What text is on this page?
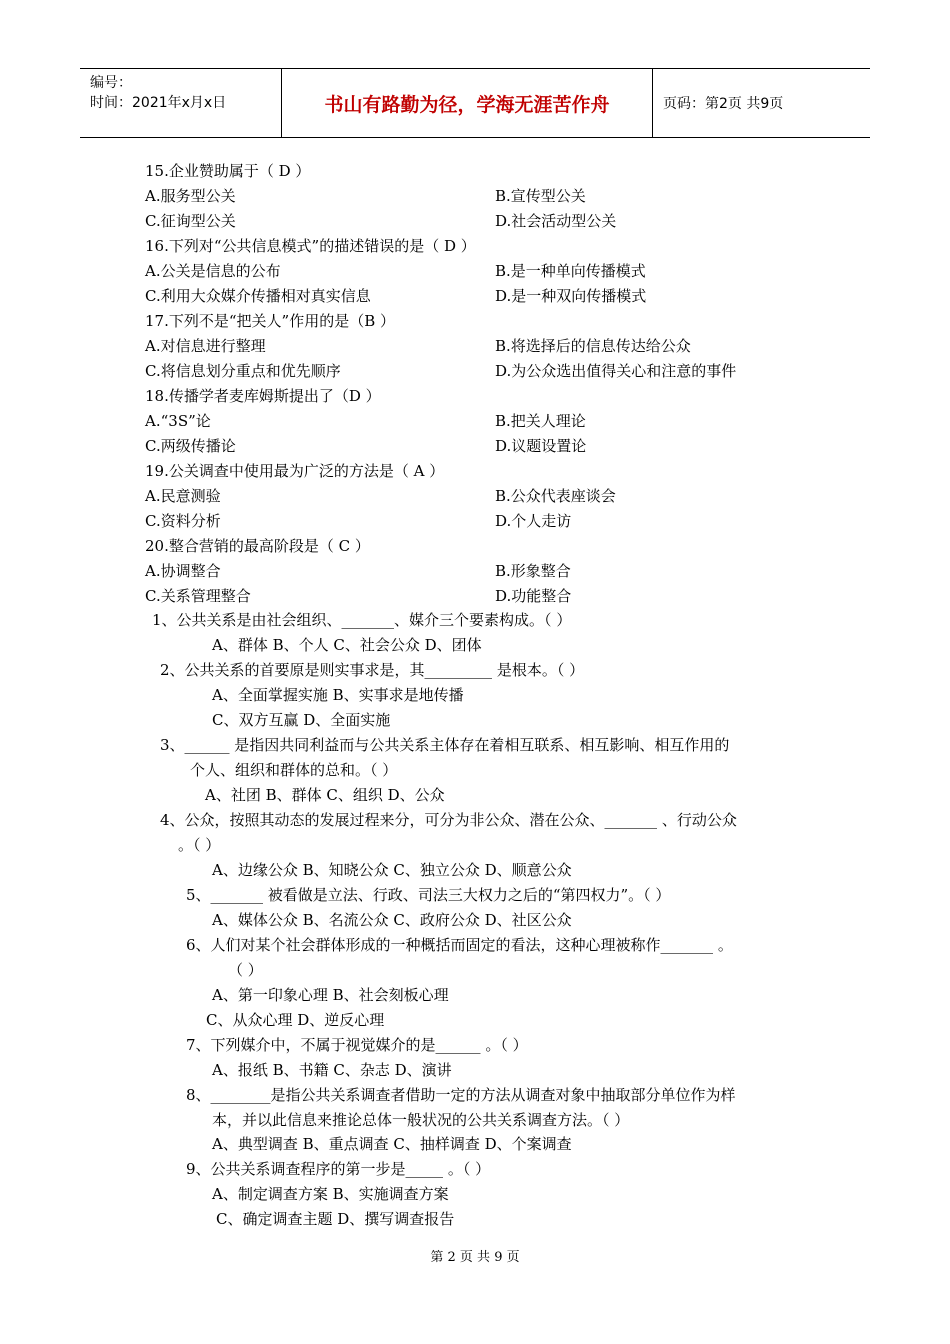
编号：
时间：2021年x月x日	书山有路勤为径，学海无涯苦作舟	页码：第2页 共9页
15.企业赞助属于（ D ）
A.服务型公关	B.宣传型公关
C.征询型公关	D.社会活动型公关
16.下列对“公共信息模式”的描述错误的是（ D ）
A.公关是信息的公布	B.是一种单向传播模式
C.利用大众媒介传播相对真实信息	D.是一种双向传播模式
17.下列不是“把关人”作用的是（B ）
A.对信息进行整理	B.将选择后的信息传达给公众
C.将信息划分重点和优先顺序	D.为公众选出值得关心和注意的事件
18.传播学者麦库姆斯提出了（D ）
A.“3S”论	B.把关人理论
C.两级传播论	D.议题设置论
19.公关调查中使用最为广泛的方法是（ A ）
A.民意测验	B.公众代表座谈会
C.资料分析	D.个人走访
20.整合营销的最高阶段是（ C ）
A.协调整合	B.形象整合
C.关系管理整合	D.功能整合
1、公共关系是由社会组织、_______、媒介三个要素构成。（ ）
A、群体 B、个人 C、社会公众 D、团体
2、公共关系的首要原是则实事求是，其_________ 是根本。（ ）
A、全面掌握实施 B、实事求是地传播
C、双方互赢 D、全面实施
3、______ 是指因共同利益而与公共关系主体存在着相互联系、相互影响、相互作用的
个人、组织和群体的总和。（ ）
A、社团 B、群体 C、组织 D、公众
4、公众，按照其动态的发展过程来分，可分为非公众、潜在公众、_______ 、行动公众
。（ ）
A、边缘公众 B、知晓公众 C、独立公众 D、顺意公众
5、_______ 被看做是立法、行政、司法三大权力之后的“第四权力”。（ ）
A、媒体公众 B、名流公众 C、政府公众 D、社区公众
6、人们对某个社会群体形成的一种概括而固定的看法，这种心理被称作_______ 。
（ ）
A、第一印象心理 B、社会刻板心理
C、从众心理 D、逆反心理
7、下列媒介中，不属于视觉媒介的是______ 。（ ）
A、报纸 B、书籍 C、杂志 D、演讲
8、________是指公共关系调查者借助一定的方法从调查对象中抽取部分单位作为样
本，并以此信息来推论总体一般状况的公共关系调查方法。（ ）
A、典型调查 B、重点调查 C、抽样调查 D、个案调查
9、公共关系调查程序的第一步是_____ 。（ ）
A、制定调查方案 B、实施调查方案
C、确定调查主题 D、撰写调查报告
第 2 页 共 9 页
